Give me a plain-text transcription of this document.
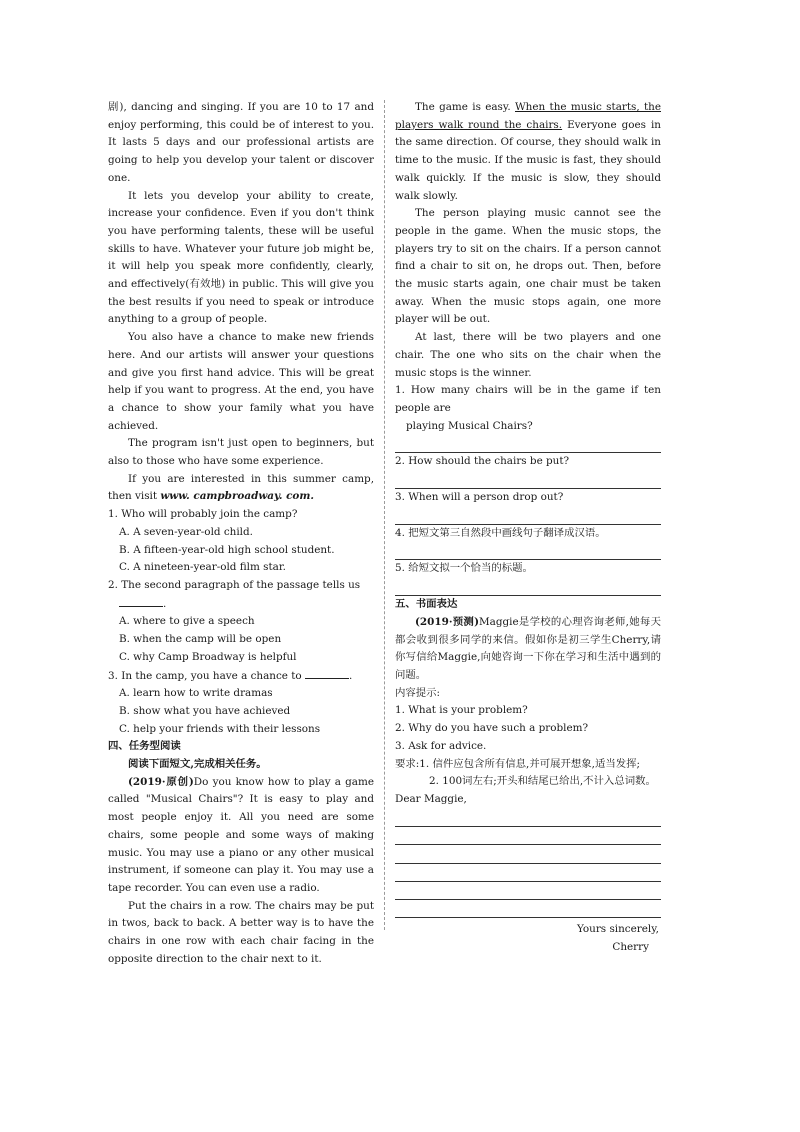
剧), dancing and singing. If you are 10 to 17 and enjoy performing, this could be of interest to you. It lasts 5 days and our professional artists are going to help you develop your talent or discover one.

It lets you develop your ability to create, increase your confidence. Even if you don't think you have performing talents, these will be useful skills to have. Whatever your future job might be, it will help you speak more confidently, clearly, and effectively(有效地) in public. This will give you the best results if you need to speak or introduce anything to a group of people.

You also have a chance to make new friends here. And our artists will answer your questions and give you first hand advice. This will be great help if you want to progress. At the end, you have a chance to show your family what you have achieved.

The program isn't just open to beginners, but also to those who have some experience.

If you are interested in this summer camp, then visit www. campbroadway. com.

1. Who will probably join the camp?

A. A seven-year-old child.

B. A fifteen-year-old high school student.

C. A nineteen-year-old film star.

2. The second paragraph of the passage tells us

.

A. where to give a speech

B. when the camp will be open

C. why Camp Broadway is helpful

3. In the camp, you have a chance to	.

A. learn how to write dramas

B. show what you have achieved

C. help your friends with their lessons

四、任务型阅读

阅读下面短文,完成相关任务。

(2019·原创)Do you know how to play a game called "Musical Chairs"? It is easy to play and most people enjoy it. All you need are some chairs, some people and some ways of making music. You may use a piano or any other musical instrument, if someone can play it. You may use a tape recorder. You can even use a radio.

Put the chairs in a row. The chairs may be put in twos, back to back. A better way is to have the chairs in one row with each chair facing in the opposite direction to the chair next to it.

The game is easy. When the music starts, the players walk round the chairs. Everyone goes in the same direction. Of course, they should walk in time to the music. If the music is fast, they should walk quickly. If the music is slow, they should walk slowly.

The person playing music cannot see the people in the game. When the music stops, the players try to sit on the chairs. If a person cannot find a chair to sit on, he drops out. Then, before the music starts again, one chair must be taken away. When the music stops again, one more player will be out.

At last, there will be two players and one chair. The one who sits on the chair when the music stops is the winner.

1. How many chairs will be in the game if ten people are

playing Musical Chairs?

2. How should the chairs be put?

3. When will a person drop out?

4. 把短文第三自然段中画线句子翻译成汉语。

5. 给短文拟一个恰当的标题。

五、书面表达

(2019·预测)Maggie是学校的心理咨询老师,她每天都会收到很多同学的来信。假如你是初三学生Cherry,请你写信给Maggie,向她咨询一下你在学习和生活中遇到的问题。

内容提示:

1. What is your problem?

2. Why do you have such a problem?

3. Ask for advice.

要求:1. 信件应包含所有信息,并可展开想象,适当发挥;

2. 100词左右;开头和结尾已给出,不计入总词数。

Dear Maggie,

Yours sincerely,

Cherry
